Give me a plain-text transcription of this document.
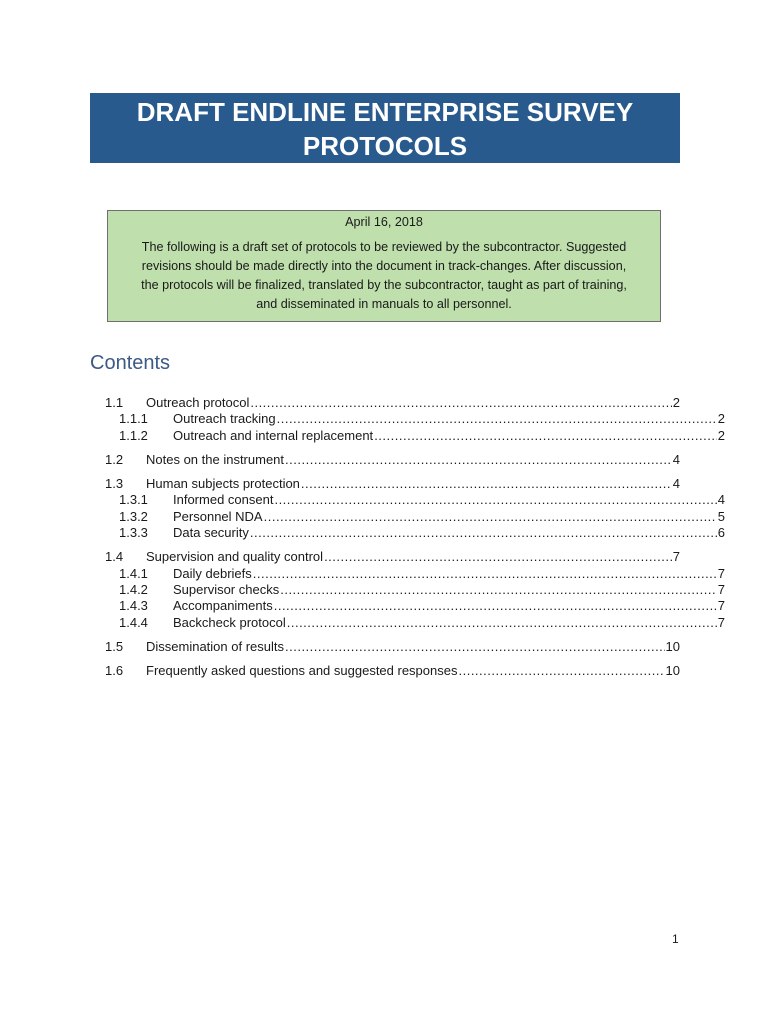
DRAFT ENDLINE ENTERPRISE SURVEY
PROTOCOLS
April 16, 2018
The following is a draft set of protocols to be reviewed by the subcontractor. Suggested
revisions should be made directly into the document in track-changes. After discussion,
the protocols will be finalized, translated by the subcontractor, taught as part of training,
and disseminated in manuals to all personnel.
Contents
1.1	Outreach protocol .....	2
1.1.1	Outreach tracking .....	2
1.1.2	Outreach and internal replacement .....	2
1.2	Notes on the instrument .....	4
1.3	Human subjects protection .....	4
1.3.1	Informed consent .....	4
1.3.2	Personnel NDA .....	5
1.3.3	Data security .....	6
1.4	Supervision and quality control .....	7
1.4.1	Daily debriefs .....	7
1.4.2	Supervisor checks .....	7
1.4.3	Accompaniments .....	7
1.4.4	Backcheck protocol .....	7
1.5	Dissemination of results .....	10
1.6	Frequently asked questions and suggested responses .....	10
1
